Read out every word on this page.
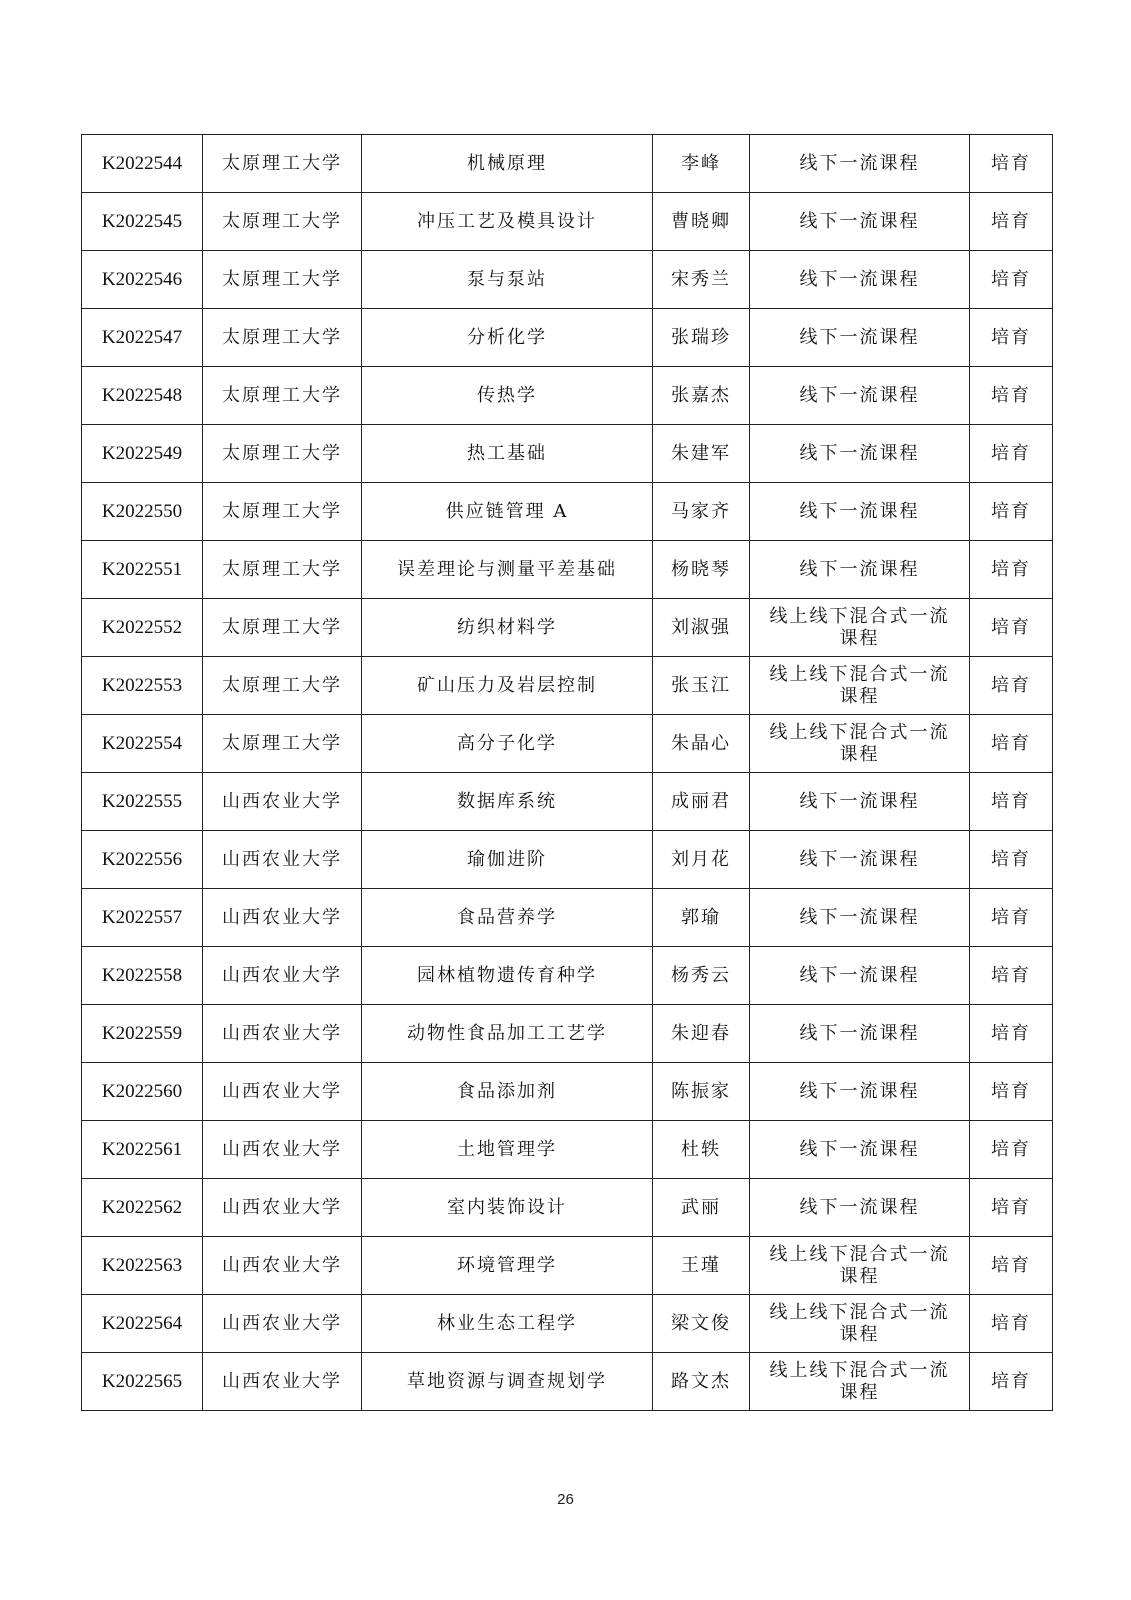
K2022544	太原理工大学	机械原理	李峰	线下一流课程	培育
K2022545	太原理工大学	冲压工艺及模具设计	曹晓卿	线下一流课程	培育
K2022546	太原理工大学	泵与泵站	宋秀兰	线下一流课程	培育
K2022547	太原理工大学	分析化学	张瑞珍	线下一流课程	培育
K2022548	太原理工大学	传热学	张嘉杰	线下一流课程	培育
K2022549	太原理工大学	热工基础	朱建军	线下一流课程	培育
K2022550	太原理工大学	供应链管理 A	马家齐	线下一流课程	培育
K2022551	太原理工大学	误差理论与测量平差基础	杨晓琴	线下一流课程	培育
K2022552	太原理工大学	纺织材料学	刘淑强	线上线下混合式一流课程	培育
K2022553	太原理工大学	矿山压力及岩层控制	张玉江	线上线下混合式一流课程	培育
K2022554	太原理工大学	高分子化学	朱晶心	线上线下混合式一流课程	培育
K2022555	山西农业大学	数据库系统	成丽君	线下一流课程	培育
K2022556	山西农业大学	瑜伽进阶	刘月花	线下一流课程	培育
K2022557	山西农业大学	食品营养学	郭瑜	线下一流课程	培育
K2022558	山西农业大学	园林植物遗传育种学	杨秀云	线下一流课程	培育
K2022559	山西农业大学	动物性食品加工工艺学	朱迎春	线下一流课程	培育
K2022560	山西农业大学	食品添加剂	陈振家	线下一流课程	培育
K2022561	山西农业大学	土地管理学	杜轶	线下一流课程	培育
K2022562	山西农业大学	室内装饰设计	武丽	线下一流课程	培育
K2022563	山西农业大学	环境管理学	王瑾	线上线下混合式一流课程	培育
K2022564	山西农业大学	林业生态工程学	梁文俊	线上线下混合式一流课程	培育
K2022565	山西农业大学	草地资源与调查规划学	路文杰	线上线下混合式一流课程	培育
26
